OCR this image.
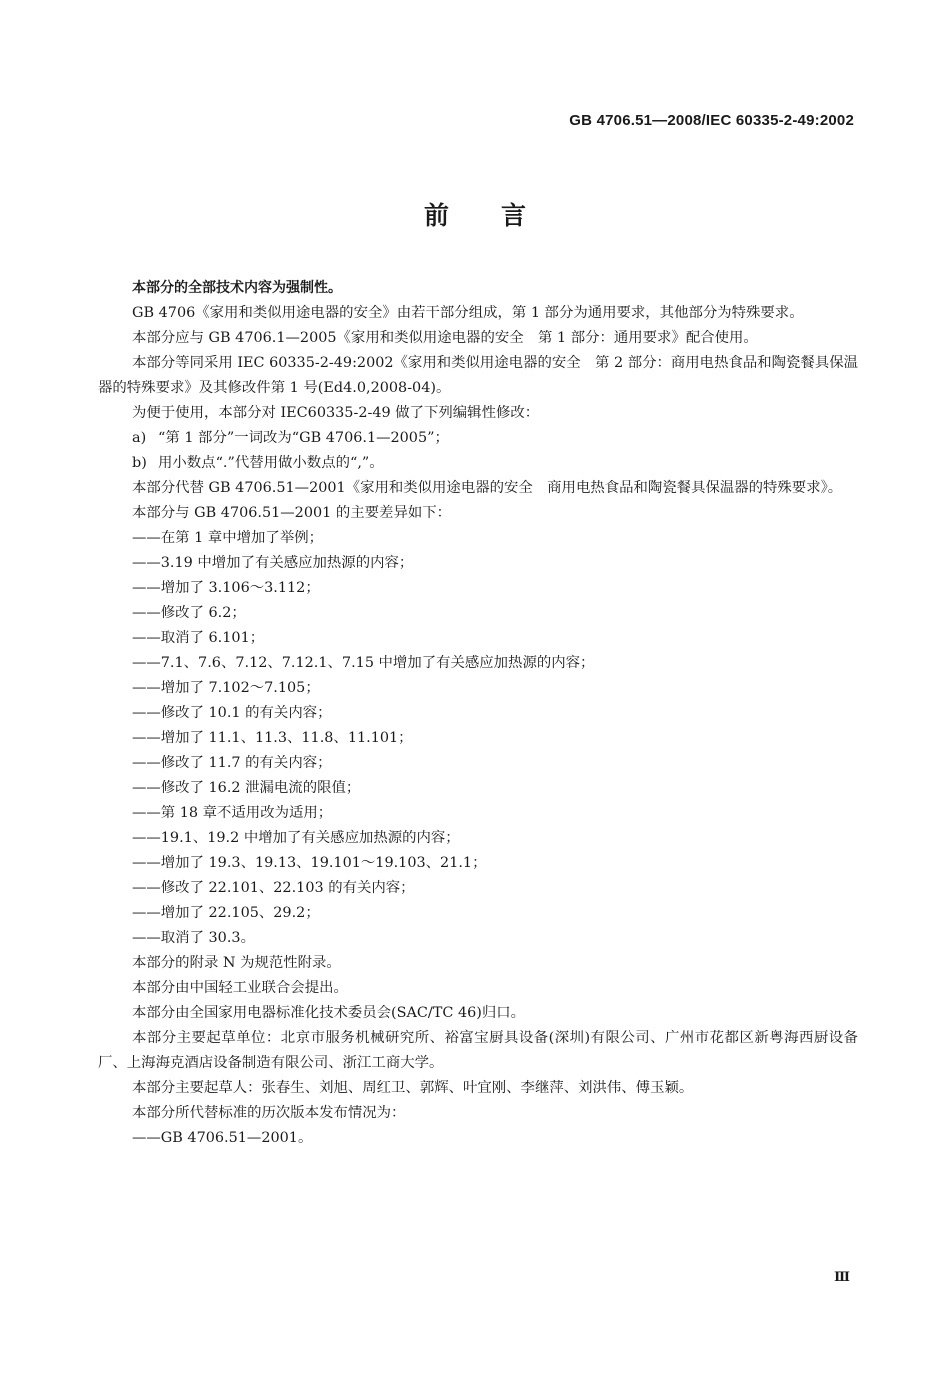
GB 4706.51—2008/IEC 60335-2-49:2002
前言

本部分的全部技术内容为强制性。

GB 4706《家用和类似用途电器的安全》由若干部分组成，第 1 部分为通用要求，其他部分为特殊要求。

本部分应与 GB 4706.1—2005《家用和类似用途电器的安全　第 1 部分：通用要求》配合使用。

本部分等同采用 IEC 60335-2-49:2002《家用和类似用途电器的安全　第 2 部分：商用电热食品和陶瓷餐具保温器的特殊要求》及其修改件第 1 号(Ed4.0,2008-04)。

为便于使用，本部分对 IEC60335-2-49 做了下列编辑性修改：

a) “第 1 部分”一词改为“GB 4706.1—2005”；

b) 用小数点“.”代替用做小数点的“,”。

本部分代替 GB 4706.51—2001《家用和类似用途电器的安全　商用电热食品和陶瓷餐具保温器的特殊要求》。

本部分与 GB 4706.51—2001 的主要差异如下：

——在第 1 章中增加了举例；

——3.19 中增加了有关感应加热源的内容；

——增加了 3.106～3.112；

——修改了 6.2；

——取消了 6.101；

——7.1、7.6、7.12、7.12.1、7.15 中增加了有关感应加热源的内容；

——增加了 7.102～7.105；

——修改了 10.1 的有关内容；

——增加了 11.1、11.3、11.8、11.101；

——修改了 11.7 的有关内容；

——修改了 16.2 泄漏电流的限值；

——第 18 章不适用改为适用；

——19.1、19.2 中增加了有关感应加热源的内容；

——增加了 19.3、19.13、19.101～19.103、21.1；

——修改了 22.101、22.103 的有关内容；

——增加了 22.105、29.2；

——取消了 30.3。

本部分的附录 N 为规范性附录。

本部分由中国轻工业联合会提出。

本部分由全国家用电器标准化技术委员会(SAC/TC 46)归口。

本部分主要起草单位：北京市服务机械研究所、裕富宝厨具设备(深圳)有限公司、广州市花都区新粤海西厨设备厂、上海海克酒店设备制造有限公司、浙江工商大学。

本部分主要起草人：张春生、刘旭、周红卫、郭辉、叶宜刚、李继萍、刘洪伟、傅玉颖。

本部分所代替标准的历次版本发布情况为：

——GB 4706.51—2001。

Ⅲ
